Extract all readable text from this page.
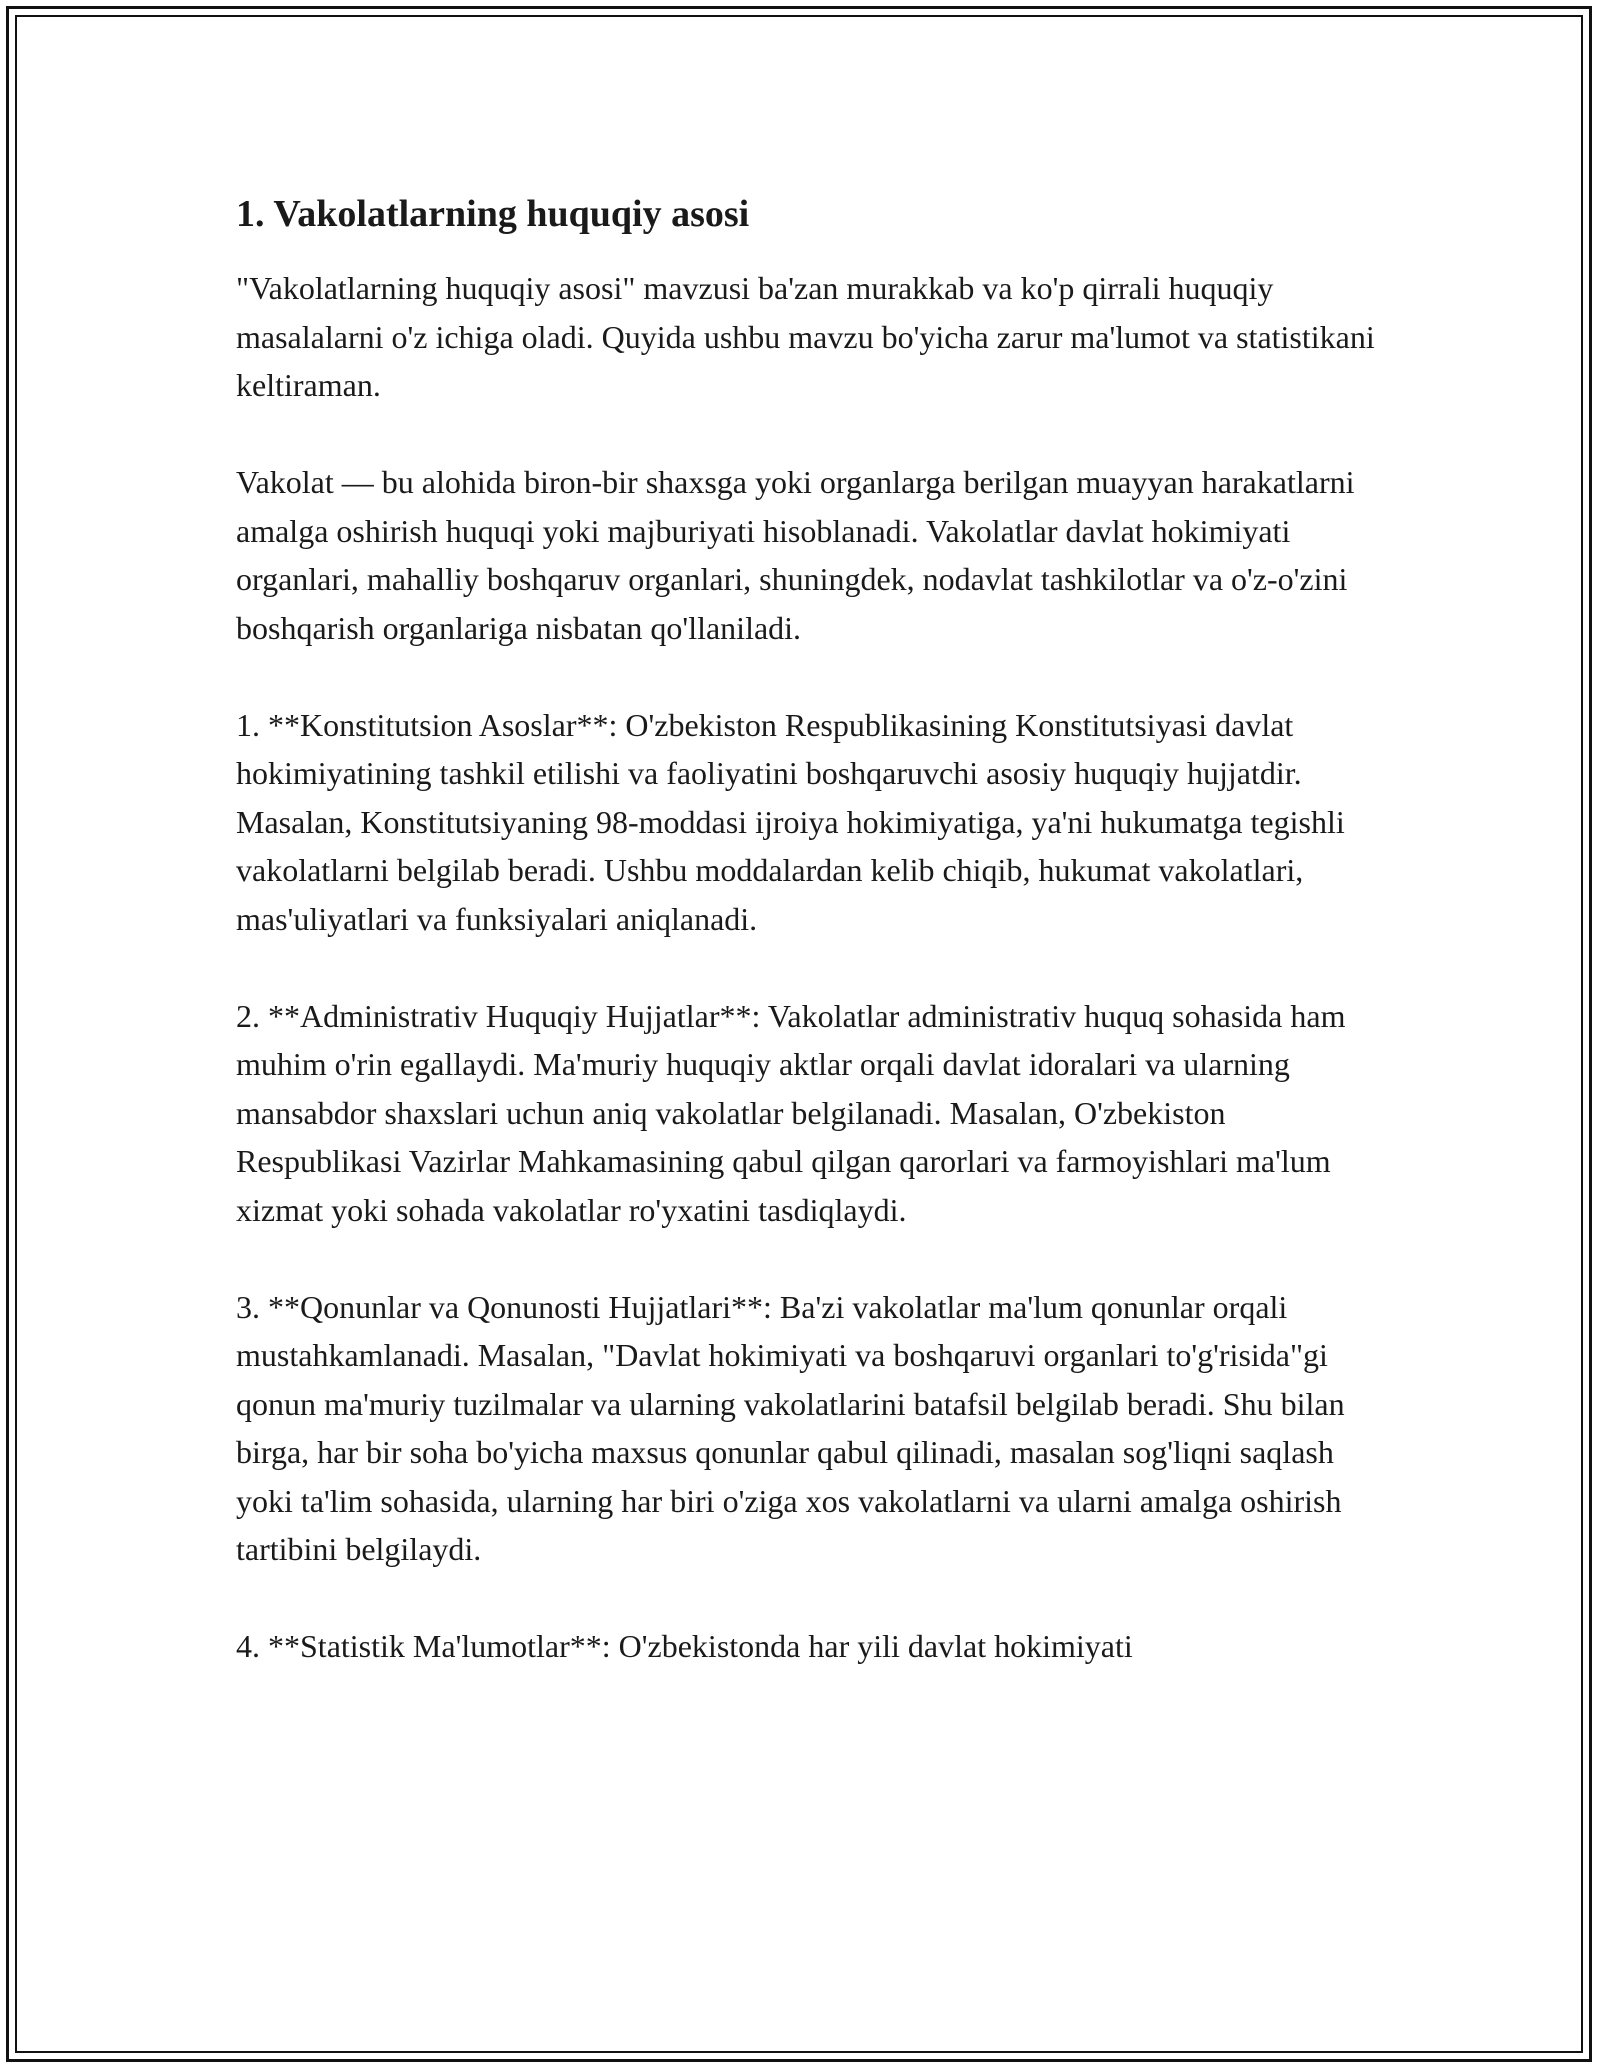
1. Vakolatlarning huquqiy asosi

"Vakolatlarning huquqiy asosi" mavzusi ba'zan murakkab va ko'p qirrali huquqiy masalalarni o'z ichiga oladi. Quyida ushbu mavzu bo'yicha zarur ma'lumot va statistikani keltiraman.

Vakolat — bu alohida biron-bir shaxsga yoki organlarga berilgan muayyan harakatlarni amalga oshirish huquqi yoki majburiyati hisoblanadi. Vakolatlar davlat hokimiyati organlari, mahalliy boshqaruv organlari, shuningdek, nodavlat tashkilotlar va o'z-o'zini boshqarish organlariga nisbatan qo'llaniladi.

1. **Konstitutsion Asoslar**: O'zbekiston Respublikasining Konstitutsiyasi davlat hokimiyatining tashkil etilishi va faoliyatini boshqaruvchi asosiy huquqiy hujjatdir. Masalan, Konstitutsiyaning 98-moddasi ijroiya hokimiyatiga, ya'ni hukumatga tegishli vakolatlarni belgilab beradi. Ushbu moddalardan kelib chiqib, hukumat vakolatlari, mas'uliyatlari va funksiyalari aniqlanadi.

2. **Administrativ Huquqiy Hujjatlar**: Vakolatlar administrativ huquq sohasida ham muhim o'rin egallaydi. Ma'muriy huquqiy aktlar orqali davlat idoralari va ularning mansabdor shaxslari uchun aniq vakolatlar belgilanadi. Masalan, O'zbekiston Respublikasi Vazirlar Mahkamasining qabul qilgan qarorlari va farmoyishlari ma'lum xizmat yoki sohada vakolatlar ro'yxatini tasdiqlaydi.

3. **Qonunlar va Qonunosti Hujjatlari**: Ba'zi vakolatlar ma'lum qonunlar orqali mustahkamlanadi. Masalan, "Davlat hokimiyati va boshqaruvi organlari to'g'risida"gi qonun ma'muriy tuzilmalar va ularning vakolatlarini batafsil belgilab beradi. Shu bilan birga, har bir soha bo'yicha maxsus qonunlar qabul qilinadi, masalan sog'liqni saqlash yoki ta'lim sohasida, ularning har biri o'ziga xos vakolatlarni va ularni amalga oshirish tartibini belgilaydi.

4. **Statistik Ma'lumotlar**: O'zbekistonda har yili davlat hokimiyati
